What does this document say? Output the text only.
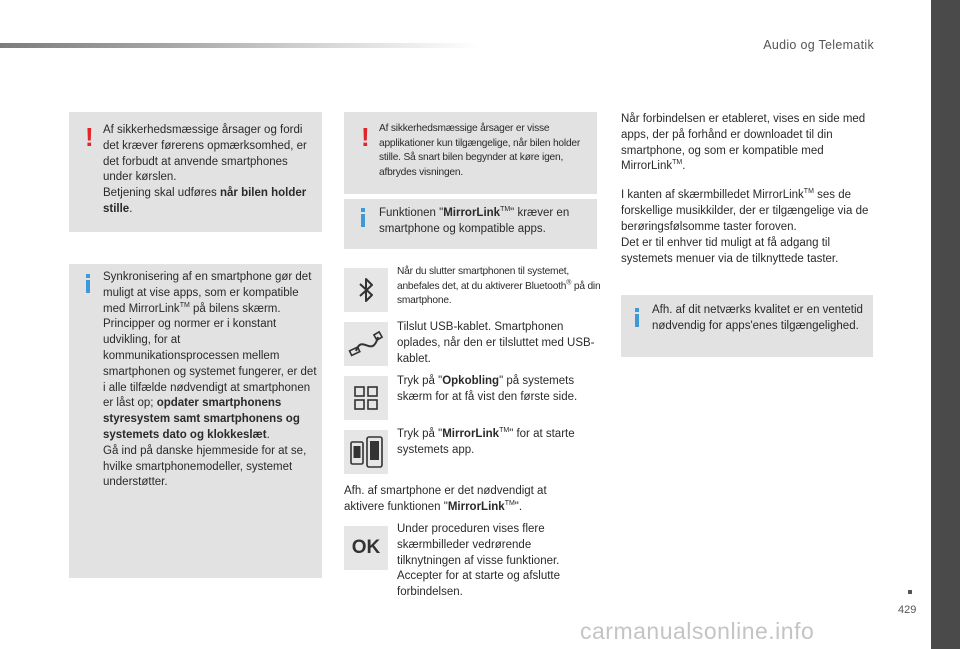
Audio og Telematik
429
carmanualsonline.info
! Af sikkerhedsmæssige årsager og fordi det kræver førerens opmærksomhed, er det forbudt at anvende smartphones under kørslen.

Betjening skal udføres når bilen holder stille.

Synkronisering af en smartphone gør det muligt at vise apps, som er kompatible med MirrorLink™ på bilens skærm.

Principper og normer er i konstant udvikling, for at kommunikationsprocessen mellem smartphonen og systemet fungerer, er det i alle tilfælde nødvendigt at smartphonen er låst op; opdater smartphonens styresystem samt smartphonens og systemets dato og klokkeslæt.

Gå ind på danske hjemmeside for at se, hvilke smartphonemodeller, systemet understøtter.

! Af sikkerhedsmæssige årsager er visse applikationer kun tilgængelige, når bilen holder stille. Så snart bilen begynder at køre igen, afbrydes visningen.

Funktionen "MirrorLink™" kræver en smartphone og kompatible apps.

Når du slutter smartphonen til systemet, anbefales det, at du aktiverer Bluetooth® på din smartphone.

Tilslut USB-kablet. Smartphonen oplades, når den er tilsluttet med USB-kablet.

Tryk på "Opkobling" på systemets skærm for at få vist den første side.

Tryk på "MirrorLink™" for at starte systemets app.

Afh. af smartphone er det nødvendigt at aktivere funktionen "MirrorLink™".

OK

Under proceduren vises flere skærmbilleder vedrørende tilknytningen af visse funktioner. Accepter for at starte og afslutte forbindelsen.

Når forbindelsen er etableret, vises en side med apps, der på forhånd er downloadet til din smartphone, og som er kompatible med MirrorLink™.

I kanten af skærmbilledet MirrorLink™ ses de forskellige musikkilder, der er tilgængelige via de berøringsfølsomme taster foroven.

Det er til enhver tid muligt at få adgang til systemets menuer via de tilknyttede taster.

Afh. af dit netværks kvalitet er en ventetid nødvendig for apps'enes tilgængelighed.
